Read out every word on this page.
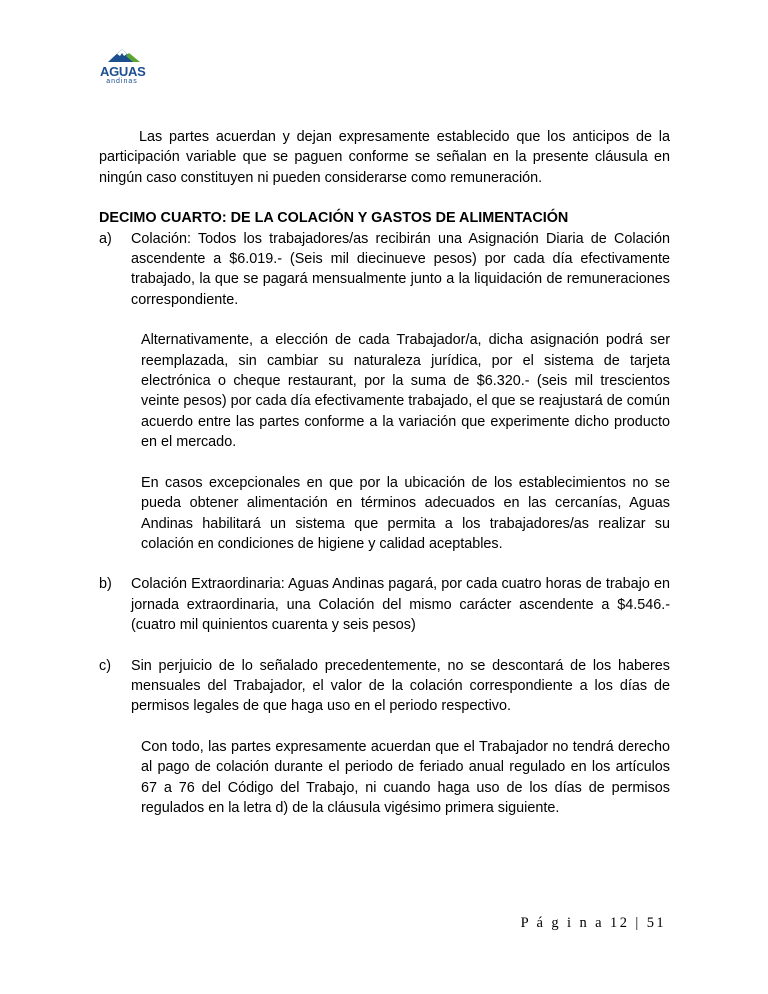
AGUAS
andinas

Las partes acuerdan y dejan expresamente establecido que los anticipos de la participación variable que se paguen conforme se señalan en la presente cláusula en ningún caso constituyen ni pueden considerarse como remuneración.

DECIMO CUARTO: DE LA COLACIÓN Y GASTOS DE ALIMENTACIÓN

a)	Colación: Todos los trabajadores/as recibirán una Asignación Diaria de Colación ascendente a $6.019.- (Seis mil diecinueve pesos) por cada día efectivamente trabajado, la que se pagará mensualmente junto a la liquidación de remuneraciones correspondiente.

Alternativamente, a elección de cada Trabajador/a, dicha asignación podrá ser reemplazada, sin cambiar su naturaleza jurídica, por el sistema de tarjeta electrónica o cheque restaurant, por la suma de $6.320.- (seis mil trescientos veinte pesos) por cada día efectivamente trabajado, el que se reajustará de común acuerdo entre las partes conforme a la variación que experimente dicho producto en el mercado.

En casos excepcionales en que por la ubicación de los establecimientos no se pueda obtener alimentación en términos adecuados en las cercanías, Aguas Andinas habilitará un sistema que permita a los trabajadores/as realizar su colación en condiciones de higiene y calidad aceptables.

b)	Colación Extraordinaria: Aguas Andinas pagará, por cada cuatro horas de trabajo en jornada extraordinaria, una Colación del mismo carácter ascendente a $4.546.- (cuatro mil quinientos cuarenta y seis pesos)

c)	Sin perjuicio de lo señalado precedentemente, no se descontará de los haberes mensuales del Trabajador, el valor de la colación correspondiente a los días de permisos legales de que haga uso en el periodo respectivo.

Con todo, las partes expresamente acuerdan que el Trabajador no tendrá derecho al pago de colación durante el periodo de feriado anual regulado en los artículos 67 a 76 del Código del Trabajo, ni cuando haga uso de los días de permisos regulados en la letra d) de la cláusula vigésimo primera siguiente.

P á g i n a 12 | 51
